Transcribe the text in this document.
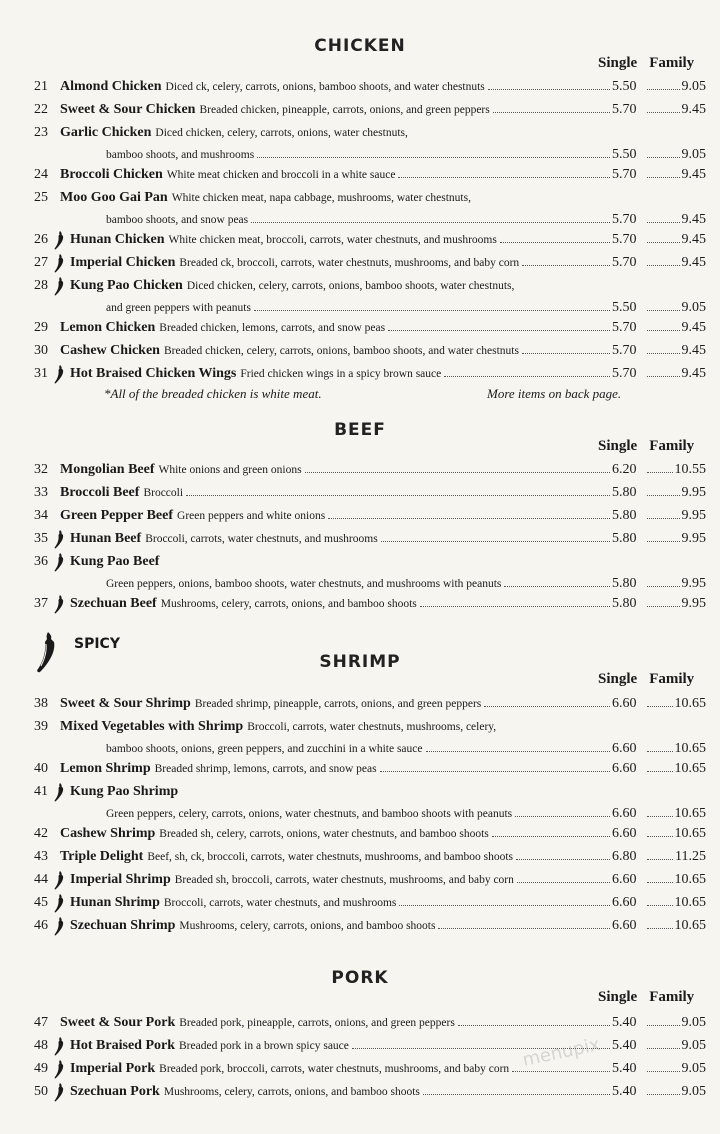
CHICKEN
Single Family
21 Almond Chicken Diced ck, celery, carrots, onions, bamboo shoots, and water chestnuts	5.50	9.05
22 Sweet & Sour Chicken Breaded chicken, pineapple, carrots, onions, and green peppers	5.70	9.45
23 Garlic Chicken Diced chicken, celery, carrots, onions, water chestnuts,
bamboo shoots, and mushrooms	5.50	9.05
24 Broccoli Chicken White meat chicken and broccoli in a white sauce	5.70	9.45
25 Moo Goo Gai Pan White chicken meat, napa cabbage, mushrooms, water chestnuts,
bamboo shoots, and snow peas	5.70	9.45
26	Hunan Chicken White chicken meat, broccoli, carrots, water chestnuts, and mushrooms	5.70	9.45
27	Imperial Chicken Breaded ck, broccoli, carrots, water chestnuts, mushrooms, and baby corn	5.70	9.45
28	Kung Pao Chicken Diced chicken, celery, carrots, onions, bamboo shoots, water chestnuts,
and green peppers with peanuts	5.50	9.05
29 Lemon Chicken Breaded chicken, lemons, carrots, and snow peas	5.70	9.45
30 Cashew Chicken Breaded chicken, celery, carrots, onions, bamboo shoots, and water chestnuts	5.70	9.45
31	Hot Braised Chicken Wings Fried chicken wings in a spicy brown sauce	5.70	9.45
*All of the breaded chicken is white meat.	More items on back page.
BEEF
Single Family
32 Mongolian Beef White onions and green onions	6.20	10.55
33 Broccoli Beef Broccoli	5.80	9.95
34 Green Pepper Beef Green peppers and white onions	5.80	9.95
35	Hunan Beef Broccoli, carrots, water chestnuts, and mushrooms	5.80	9.95
36	Kung Pao Beef
Green peppers, onions, bamboo shoots, water chestnuts, and mushrooms with peanuts	5.80	9.95
37	Szechuan Beef Mushrooms, celery, carrots, onions, and bamboo shoots	5.80	9.95
SPICY
SHRIMP
Single Family
38 Sweet & Sour Shrimp Breaded shrimp, pineapple, carrots, onions, and green peppers	6.60	10.65
39 Mixed Vegetables with Shrimp Broccoli, carrots, water chestnuts, mushrooms, celery,
bamboo shoots, onions, green peppers, and zucchini in a white sauce	6.60	10.65
40 Lemon Shrimp Breaded shrimp, lemons, carrots, and snow peas	6.60	10.65
41	Kung Pao Shrimp
Green peppers, celery, carrots, onions, water chestnuts, and bamboo shoots with peanuts	6.60	10.65
42 Cashew Shrimp Breaded sh, celery, carrots, onions, water chestnuts, and bamboo shoots	6.60	10.65
43 Triple Delight Beef, sh, ck, broccoli, carrots, water chestnuts, mushrooms, and bamboo shoots	6.80	11.25
44	Imperial Shrimp Breaded sh, broccoli, carrots, water chestnuts, mushrooms, and baby corn	6.60	10.65
45	Hunan Shrimp Broccoli, carrots, water chestnuts, and mushrooms	6.60	10.65
46	Szechuan Shrimp Mushrooms, celery, carrots, onions, and bamboo shoots	6.60	10.65
PORK
Single Family
47 Sweet & Sour Pork Breaded pork, pineapple, carrots, onions, and green peppers	5.40	9.05
48	Hot Braised Pork Breaded pork in a brown spicy sauce	5.40	9.05
49	Imperial Pork Breaded pork, broccoli, carrots, water chestnuts, mushrooms, and baby corn	5.40	9.05
50	Szechuan Pork Mushrooms, celery, carrots, onions, and bamboo shoots	5.40	9.05
menupix
